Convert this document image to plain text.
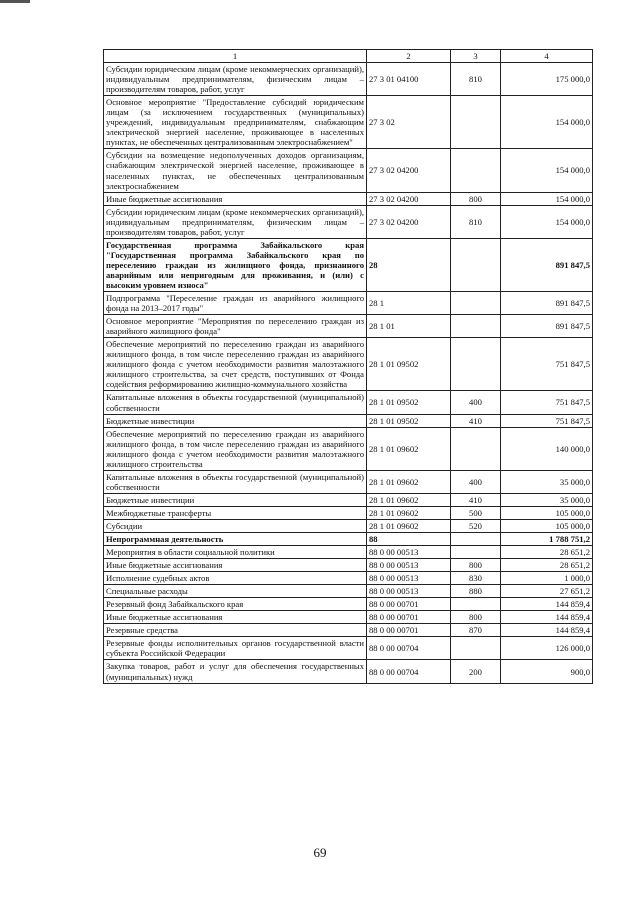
1	2	3	4
Субсидии юридическим лицам (кроме некоммерческих организаций), индивидуальным предпринимателям, физическим лицам – производителям товаров, работ, услуг	27 3 01 04100	810	175 000,0
Основное мероприятие "Предоставление субсидий юридическим лицам (за исключением государственных (муниципальных) учреждений, индивидуальным предпринимателям, снабжающим электрической энергией население, проживающее в населенных пунктах, не обеспеченных централизованным электроснабжением"	27 3 02		154 000,0
Субсидии на возмещение недополученных доходов организациям, снабжающим электрической энергией население, проживающее в населенных пунктах, не обеспеченных централизованным электроснабжением	27 3 02 04200		154 000,0
Иные бюджетные ассигнования	27 3 02 04200	800	154 000,0
Субсидии юридическим лицам (кроме некоммерческих организаций), индивидуальным предпринимателям, физическим лицам – производителям товаров, работ, услуг	27 3 02 04200	810	154 000,0
Государственная программа Забайкальского края "Государственная программа Забайкальского края по переселению граждан из жилищного фонда, признанного аварийным или непригодным для проживания, и (или) с высоким уровнем износа"	28		891 847,5
Подпрограмма "Переселение граждан из аварийного жилищного фонда на 2013–2017 годы"	28 1		891 847,5
Основное мероприятие "Мероприятия по переселению граждан из аварийного жилищного фонда"	28 1 01		891 847,5
Обеспечение мероприятий по переселению граждан из аварийного жилищного фонда, в том числе переселению граждан из аварийного жилищного фонда с учетом необходимости развития малоэтажного жилищного строительства, за счет средств, поступивших от Фонда содействия реформированию жилищно-коммунального хозяйства	28 1 01 09502		751 847,5
Капитальные вложения в объекты государственной (муниципальной) собственности	28 1 01 09502	400	751 847,5
Бюджетные инвестиции	28 1 01 09502	410	751 847,5
Обеспечение мероприятий по переселению граждан из аварийного жилищного фонда, в том числе переселению граждан из аварийного жилищного фонда с учетом необходимости развития малоэтажного жилищного строительства	28 1 01 09602		140 000,0
Капитальные вложения в объекты государственной (муниципальной) собственности	28 1 01 09602	400	35 000,0
Бюджетные инвестиции	28 1 01 09602	410	35 000,0
Межбюджетные трансферты	28 1 01 09602	500	105 000,0
Субсидии	28 1 01 09602	520	105 000,0
Непрограммная деятельность	88		1 788 751,2
Мероприятия в области социальной политики	88 0 00 00513		28 651,2
Иные бюджетные ассигнования	88 0 00 00513	800	28 651,2
Исполнение судебных актов	88 0 00 00513	830	1 000,0
Специальные расходы	88 0 00 00513	880	27 651,2
Резервный фонд Забайкальского края	88 0 00 00701		144 859,4
Иные бюджетные ассигнования	88 0 00 00701	800	144 859,4
Резервные средства	88 0 00 00701	870	144 859,4
Резервные фонды исполнительных органов государственной власти субъекта Российской Федерации	88 0 00 00704		126 000,0
Закупка товаров, работ и услуг для обеспечения государственных (муниципальных) нужд	88 0 00 00704	200	900,0
69
